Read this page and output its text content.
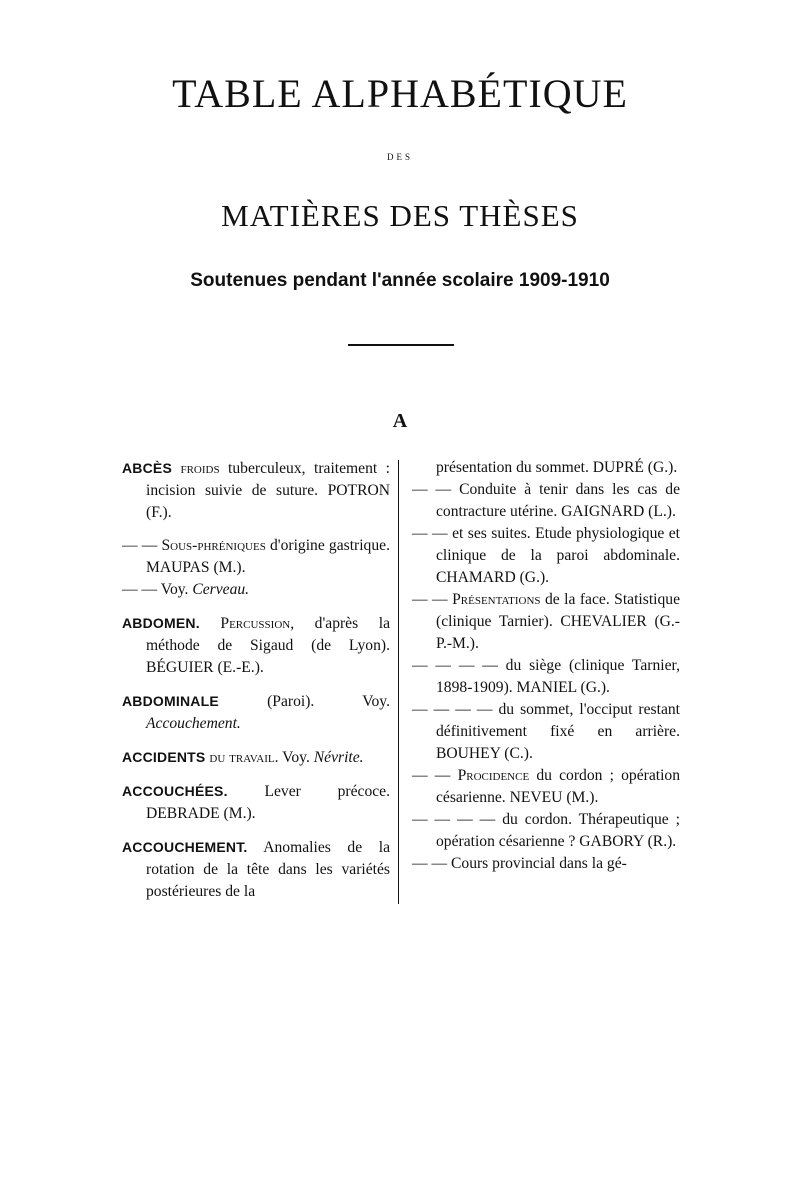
TABLE ALPHABÉTIQUE
DES
MATIÈRES DES THÈSES
Soutenues pendant l'année scolaire 1909-1910
A

ABCÈS froids tuberculeux, traitement : incision suivie de suture. POTRON (F.).

— — Sous-phréniques d'origine gastrique. MAUPAS (M.).

— — Voy. Cerveau.

ABDOMEN. Percussion, d'après la méthode de Sigaud (de Lyon). BÉGUIER (E.-E.).

ABDOMINALE (Paroi). Voy. Accouchement.

ACCIDENTS du travail. Voy. Névrite.

ACCOUCHÉES. Lever précoce. DEBRADE (M.).

ACCOUCHEMENT. Anomalies de la rotation de la tête dans les variétés postérieures de la

présentation du sommet. DUPRÉ (G.).

— — Conduite à tenir dans les cas de contracture utérine. GAIGNARD (L.).

— — et ses suites. Etude physiologique et clinique de la paroi abdominale. CHAMARD (G.).

— — Présentations de la face. Statistique (clinique Tarnier). CHEVALIER (G.-P.-M.).

— — — — du siège (clinique Tarnier, 1898-1909). MANIEL (G.).

— — — — du sommet, l'occiput restant définitivement fixé en arrière. BOUHEY (C.).

— — Procidence du cordon ; opération césarienne. NEVEU (M.).

— — — — du cordon. Thérapeutique ; opération césarienne ? GABORY (R.).

— — Cours provincial dans la gé-
